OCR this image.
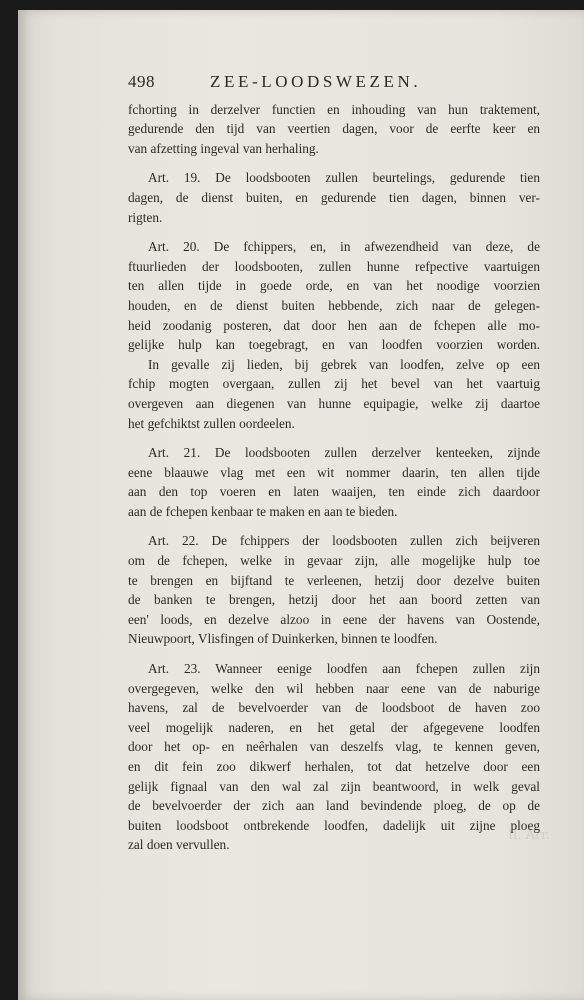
Il. Arr.
498	ZEE-LOODSWEZEN.
fchorting in derzelver functien en inhouding van hun traktement,
gedurende den tijd van veertien dagen, voor de eerfte keer en
van afzetting ingeval van herhaling.
Art. 19. De loodsbooten zullen beurtelings, gedurende tien
dagen, de dienst buiten, en gedurende tien dagen, binnen ver-
rigten.
Art. 20. De fchippers, en, in afwezendheid van deze, de
ftuurlieden der loodsbooten, zullen hunne refpective vaartuigen
ten allen tijde in goede orde, en van het noodige voorzien
houden, en de dienst buiten hebbende, zich naar de gelegen-
heid zoodanig posteren, dat door hen aan de fchepen alle mo-
gelijke hulp kan toegebragt, en van loodfen voorzien worden.
In gevalle zij lieden, bij gebrek van loodfen, zelve op een
fchip mogten overgaan, zullen zij het bevel van het vaartuig
overgeven aan diegenen van hunne equipagie, welke zij daartoe
het gefchiktst zullen oordeelen.
Art. 21. De loodsbooten zullen derzelver kenteeken, zijnde
eene blaauwe vlag met een wit nommer daarin, ten allen tijde
aan den top voeren en laten waaijen, ten einde zich daardoor
aan de fchepen kenbaar te maken en aan te bieden.
Art. 22. De fchippers der loodsbooten zullen zich beijveren
om de fchepen, welke in gevaar zijn, alle mogelijke hulp toe
te brengen en bijftand te verleenen, hetzij door dezelve buiten
de banken te brengen, hetzij door het aan boord zetten van
een' loods, en dezelve alzoo in eene der havens van Oostende,
Nieuwpoort, Vlisfingen of Duinkerken, binnen te loodfen.
Art. 23. Wanneer eenige loodfen aan fchepen zullen zijn
overgegeven, welke den wil hebben naar eene van de naburige
havens, zal de bevelvoerder van de loodsboot de haven zoo
veel mogelijk naderen, en het getal der afgegevene loodfen
door het op- en neêrhalen van deszelfs vlag, te kennen geven,
en dit fein zoo dikwerf herhalen, tot dat hetzelve door een
gelijk fignaal van den wal zal zijn beantwoord, in welk geval
de bevelvoerder der zich aan land bevindende ploeg, de op de
buiten loodsboot ontbrekende loodfen, dadelijk uit zijne ploeg
zal doen vervullen.
